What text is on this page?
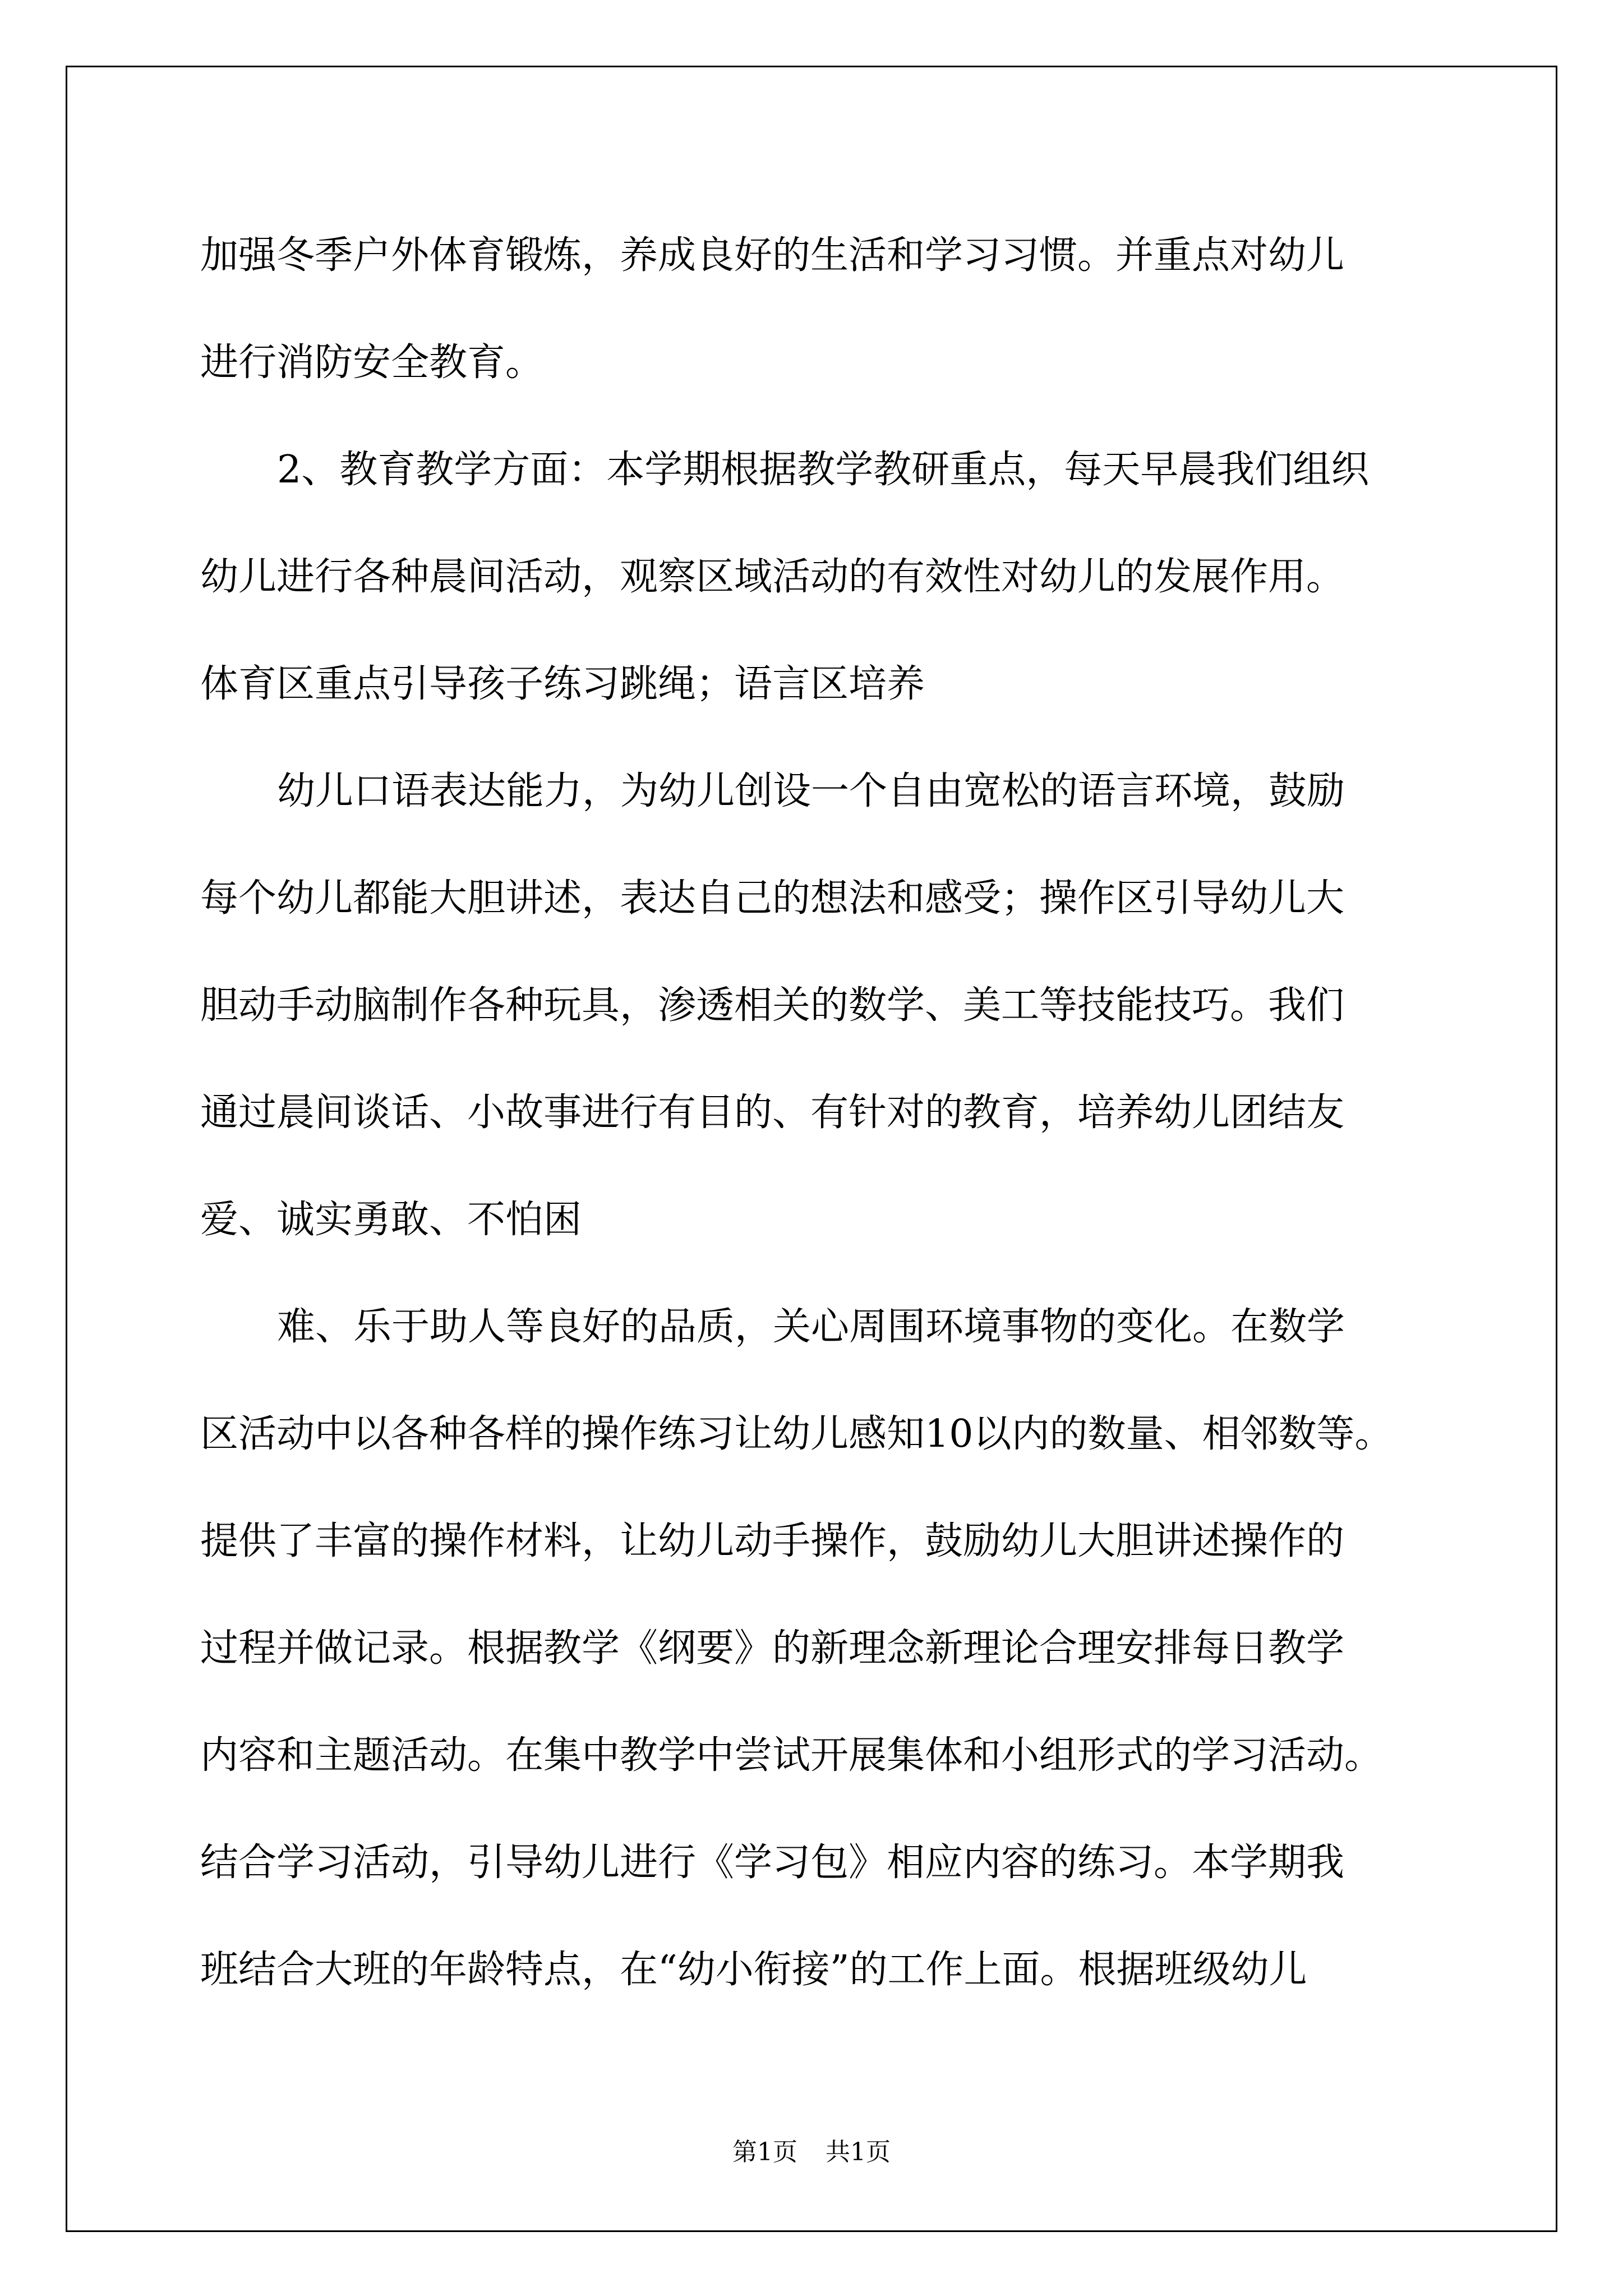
加强冬季户外体育锻炼，养成良好的生活和学习习惯。并重点对幼儿
进行消防安全教育。
2、教育教学方面：本学期根据教学教研重点，每天早晨我们组织
幼儿进行各种晨间活动，观察区域活动的有效性对幼儿的发展作用。
体育区重点引导孩子练习跳绳；语言区培养
幼儿口语表达能力，为幼儿创设一个自由宽松的语言环境，鼓励
每个幼儿都能大胆讲述，表达自己的想法和感受；操作区引导幼儿大
胆动手动脑制作各种玩具，渗透相关的数学、美工等技能技巧。我们
通过晨间谈话、小故事进行有目的、有针对的教育，培养幼儿团结友
爱、诚实勇敢、不怕困
难、乐于助人等良好的品质，关心周围环境事物的变化。在数学
区活动中以各种各样的操作练习让幼儿感知10以内的数量、相邻数等。
提供了丰富的操作材料，让幼儿动手操作，鼓励幼儿大胆讲述操作的
过程并做记录。根据教学《纲要》的新理念新理论合理安排每日教学
内容和主题活动。在集中教学中尝试开展集体和小组形式的学习活动。
结合学习活动，引导幼儿进行《学习包》相应内容的练习。本学期我
班结合大班的年龄特点，在“幼小衔接”的工作上面。根据班级幼儿
第1页 共1页
